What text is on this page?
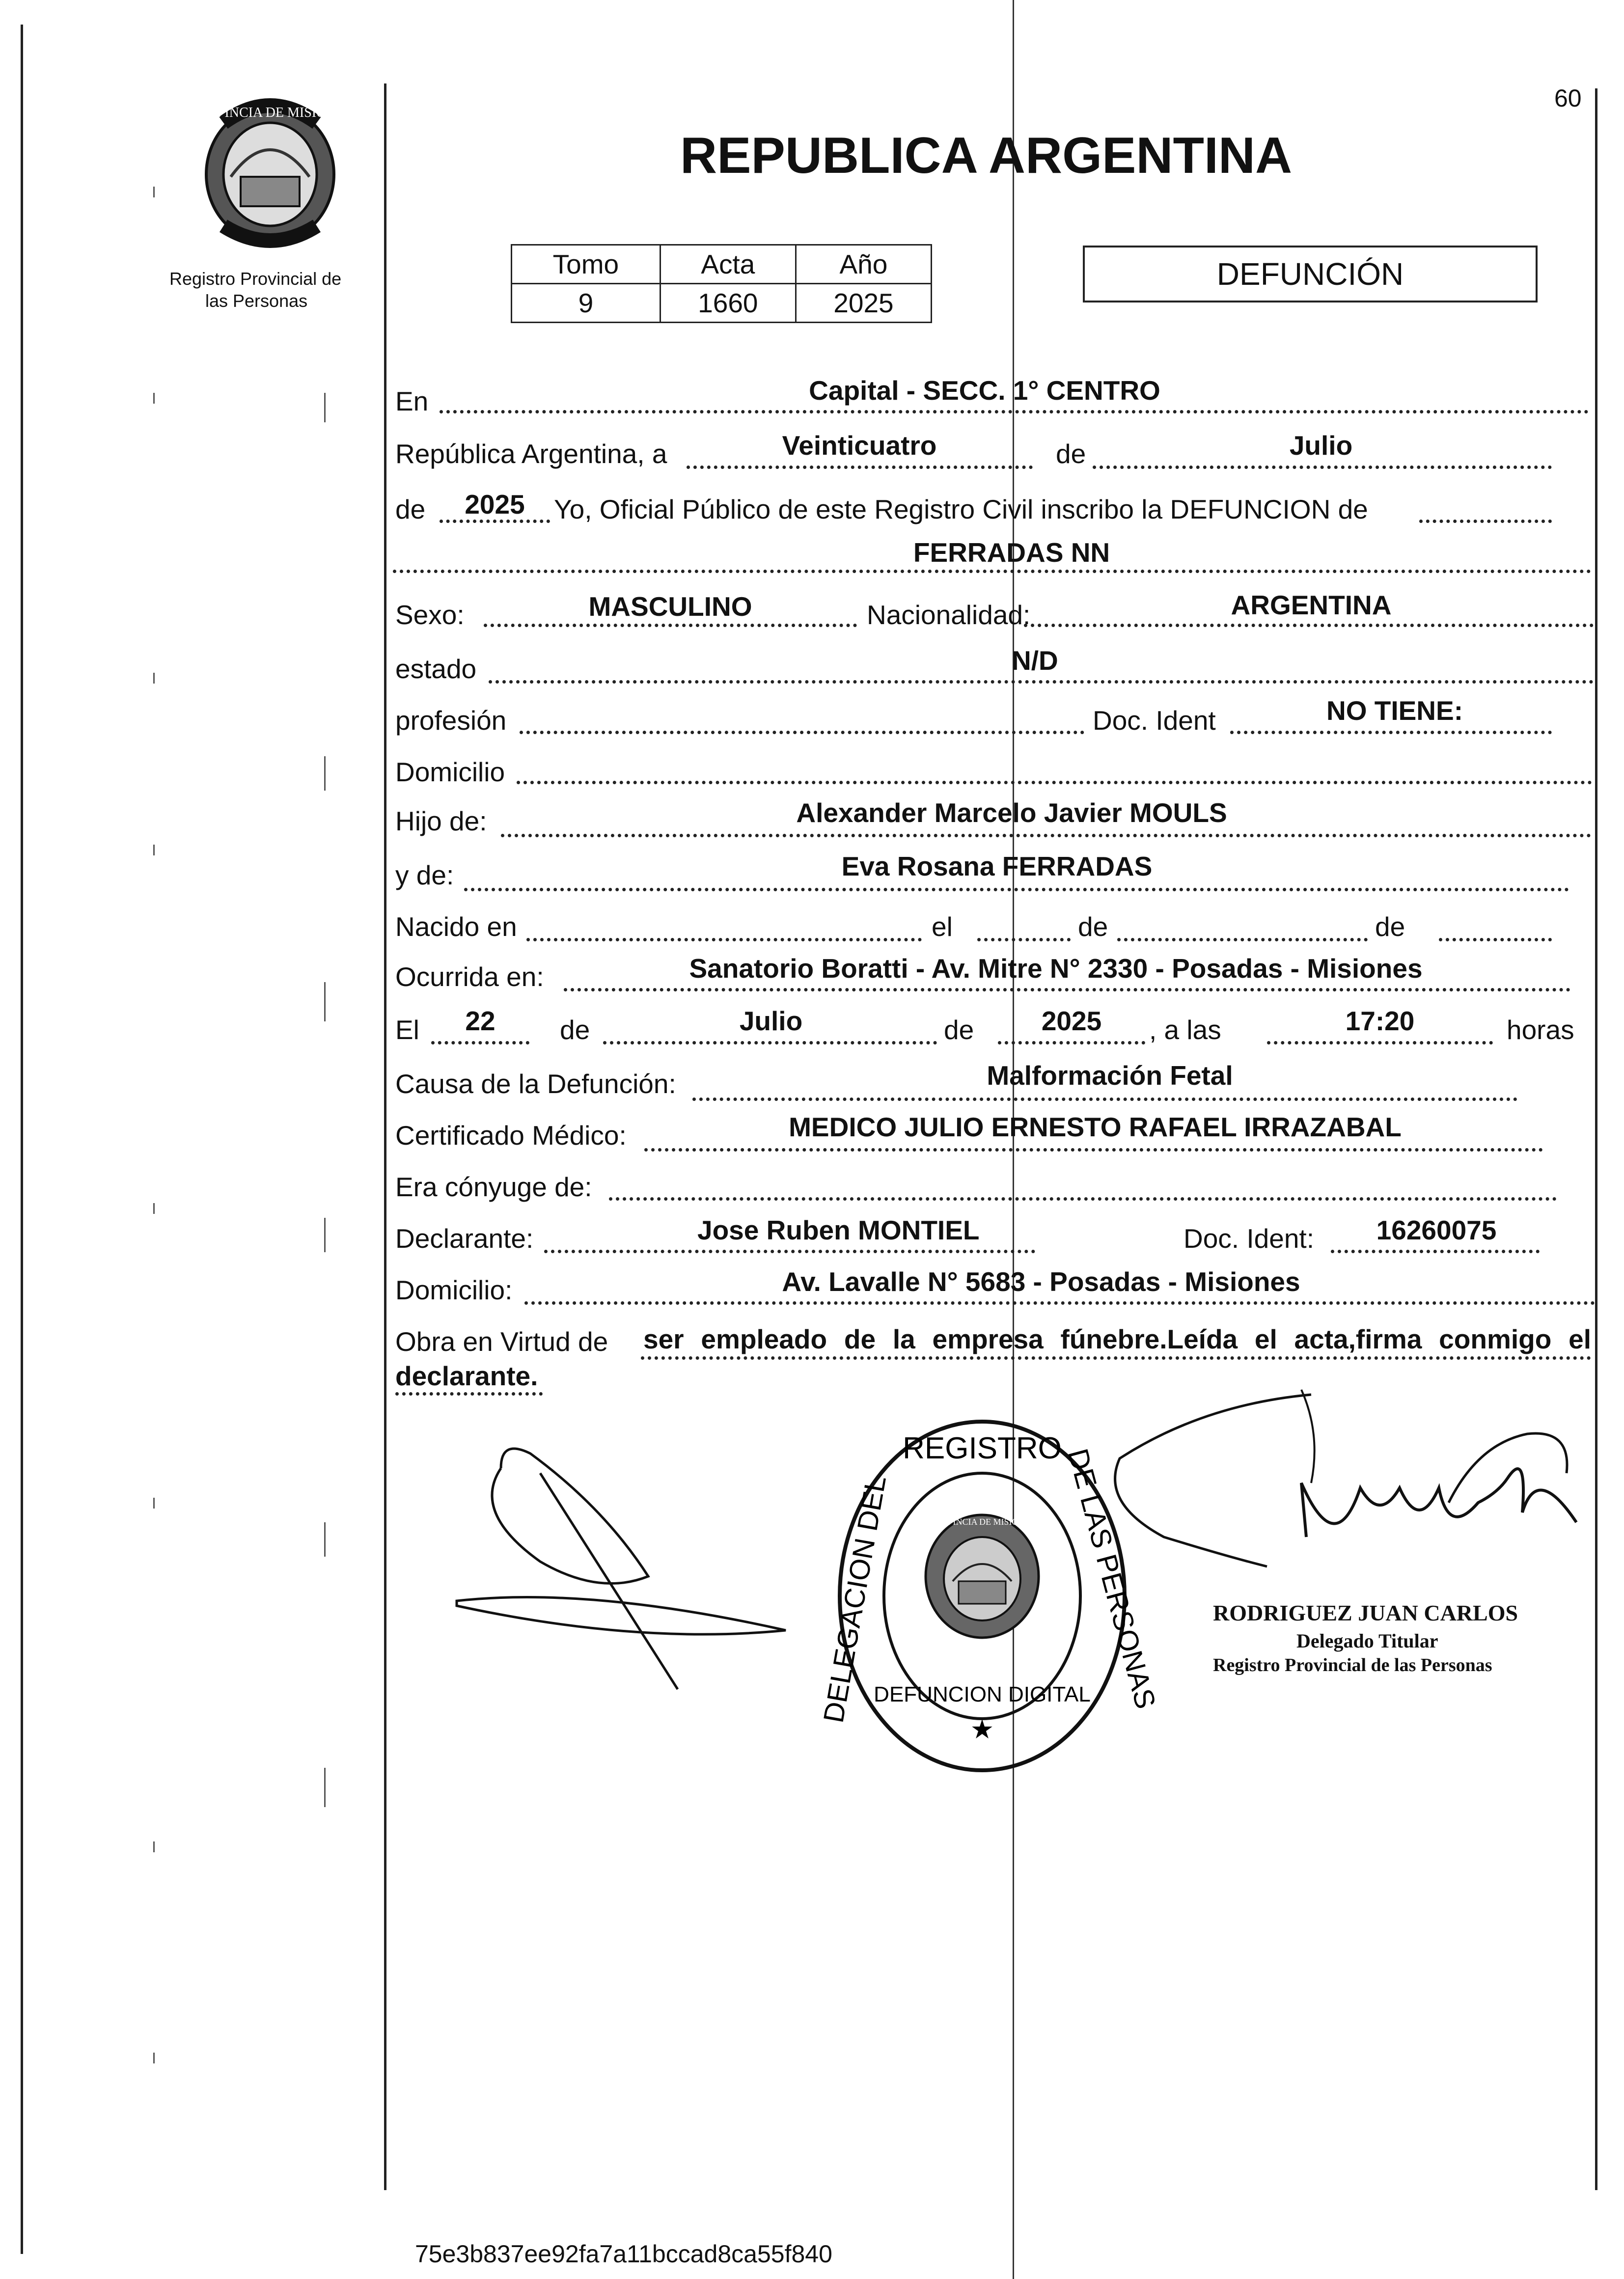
60
PROVINCIA DE MISIONES
Registro Provincial de
las Personas
REPUBLICA ARGENTINA
Tomo	Acta	Año
9	1660	2025
DEFUNCIÓN
En	Capital - SECC. 1° CENTRO
República Argentina, a	Veinticuatro	de	Julio
de	2025	Yo, Oficial Público de este Registro Civil inscribo la DEFUNCION de
FERRADAS NN
Sexo:	MASCULINO	Nacionalidad:	ARGENTINA
estado	N/D
profesión	Doc. Ident	NO TIENE:
Domicilio
Hijo de:	Alexander Marcelo Javier MOULS
y de:	Eva Rosana FERRADAS
Nacido en	el	de	de
Ocurrida en:	Sanatorio Boratti - Av. Mitre N° 2330 - Posadas - Misiones
El	22	de	Julio	de	2025	, a las	17:20	horas
Causa de la Defunción:	Malformación Fetal
Certificado Médico:	MEDICO JULIO ERNESTO RAFAEL IRRAZABAL
Era cónyuge de:
Declarante:	Jose Ruben MONTIEL	Doc. Ident:	16260075
Domicilio:	Av. Lavalle N° 5683 - Posadas - Misiones
Obra en Virtud de ser empleado de la empresa fúnebre.Leída el acta,firma conmigo el
declarante.
REGISTRO
DELEGACION DEL	DE LAS PERSONAS
DEFUNCION DIGITAL
★
PROVINCIA DE MISIONES
RODRIGUEZ JUAN CARLOS
Delegado Titular
Registro Provincial de las Personas
75e3b837ee92fa7a11bccad8ca55f840
